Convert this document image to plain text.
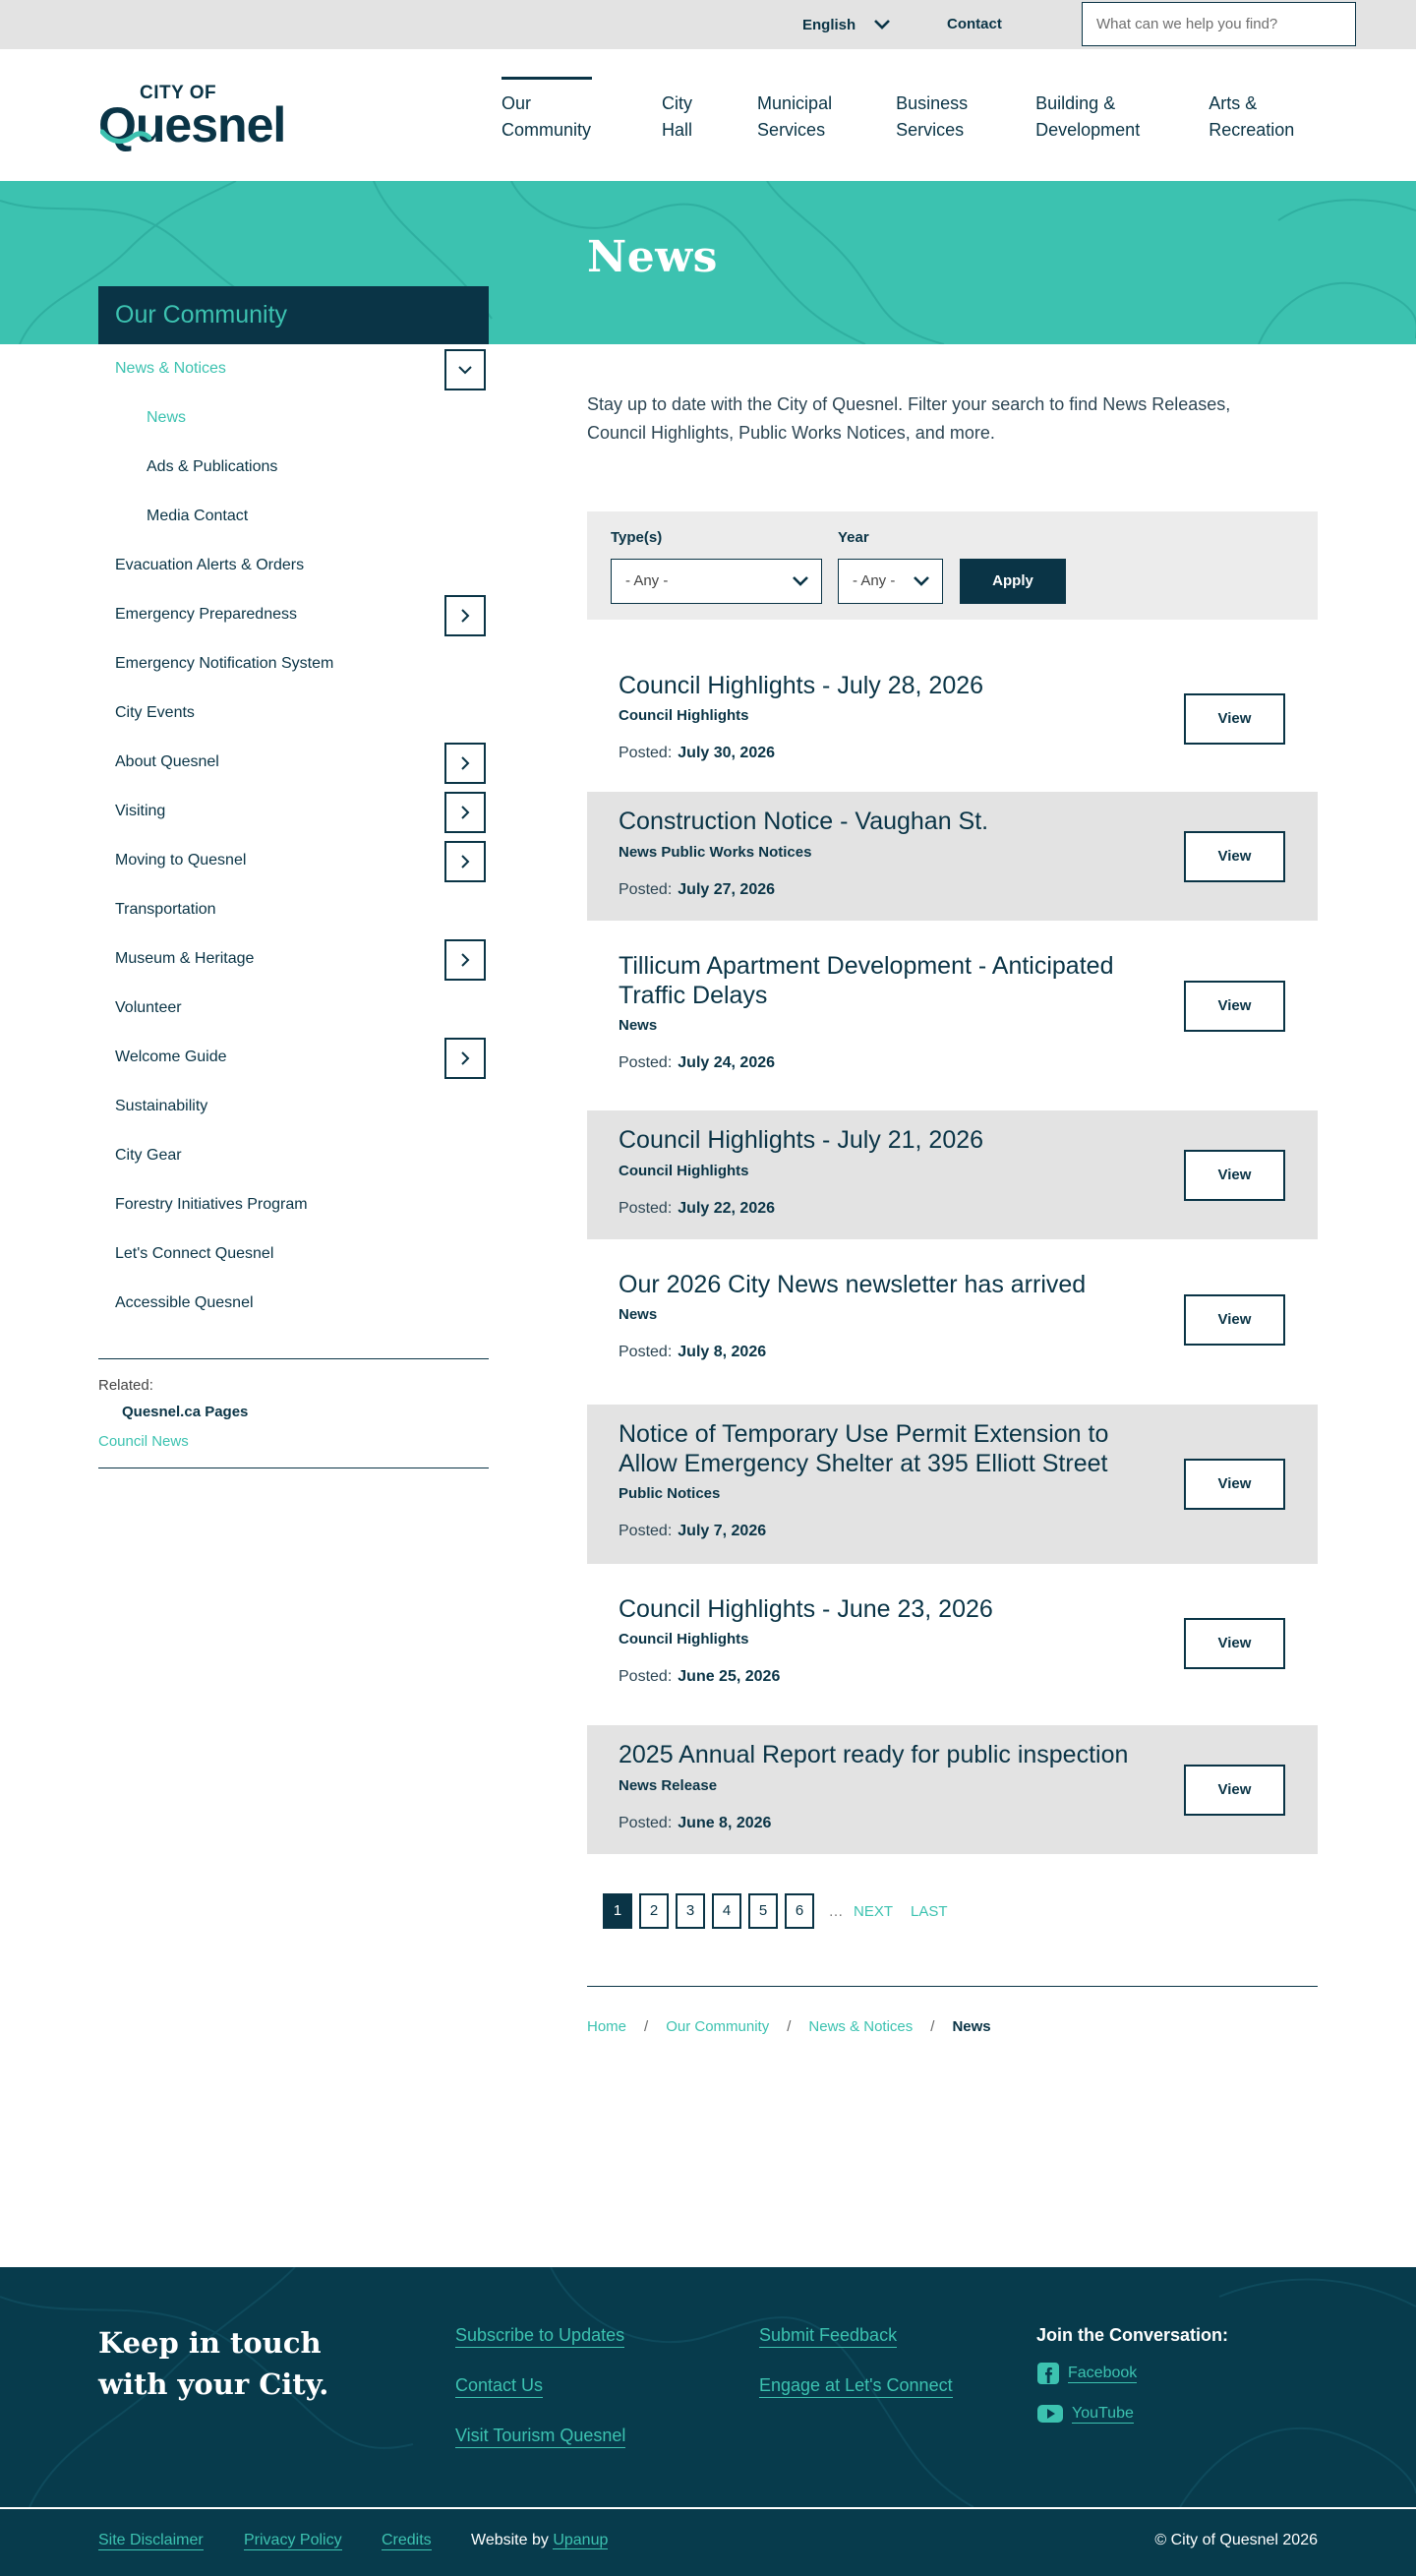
English	Contact
What can we help you find?
CITY OF
Quesnel	Our
Community
City
Hall
Municipal
Services
Business
Services
Building &
Development
Arts &
Recreation
News
Our Community
News & Notices
News
Ads & Publications
Media Contact
Evacuation Alerts & Orders
Emergency Preparedness
Emergency Notification System
City Events
About Quesnel
Visiting
Moving to Quesnel
Transportation
Museum & Heritage
Volunteer
Welcome Guide
Sustainability
City Gear
Forestry Initiatives Program
Let's Connect Quesnel
Accessible Quesnel
Related:
Quesnel.ca Pages
Council News

Stay up to date with the City of Quesnel. Filter your search to find News Releases, Council Highlights, Public Works Notices, and more.

Type(s)
- Any -
Year
- Any -	Apply
Council Highlights - July 28, 2026
Council Highlights
Posted: July 30, 2026
View
Construction Notice - Vaughan St.
News Public Works Notices
Posted: July 27, 2026
View
Tillicum Apartment Development - Anticipated Traffic Delays
News
Posted: July 24, 2026
View
Council Highlights - July 21, 2026
Council Highlights
Posted: July 22, 2026
View
Our 2026 City News newsletter has arrived
News
Posted: July 8, 2026
View
Notice of Temporary Use Permit Extension to Allow Emergency Shelter at 395 Elliott Street
Public Notices
Posted: July 7, 2026
View
Council Highlights - June 23, 2026
Council Highlights
Posted: June 25, 2026
View
2025 Annual Report ready for public inspection
News Release
Posted: June 8, 2026
View
1	2	3	4	5	6	… NEXT LAST
Home / Our Community / News & Notices / News
Keep in touch
with your City.
Subscribe to Updates
Contact Us
Visit Tourism Quesnel
Submit Feedback
Engage at Let's Connect
Join the Conversation:
Facebook
YouTube
Site Disclaimer	Privacy Policy	Credits	Website by Upanup	© City of Quesnel 2026
